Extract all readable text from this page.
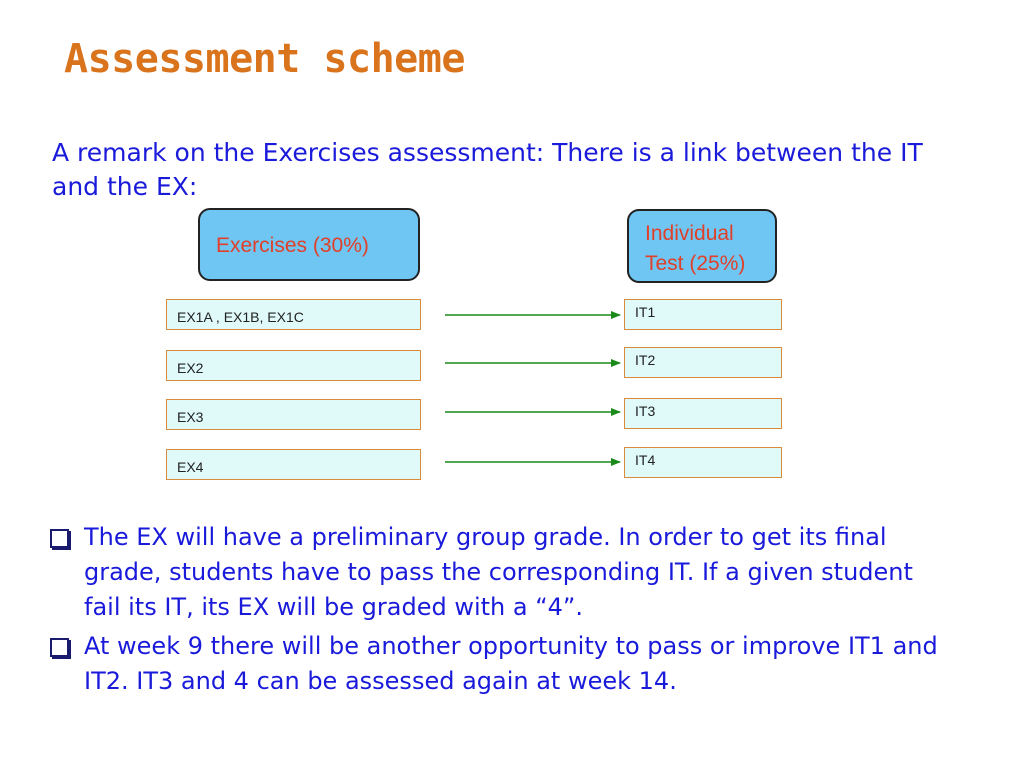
Assessment scheme
A remark on the Exercises assessment: There is a link between the IT and the EX:
Exercises (30%)
Individual Test (25%)
EX1A , EX1B, EX1C
EX2
EX3
EX4
IT1
IT2
IT3
IT4
The EX will have a preliminary group grade. In order to get its final grade, students have to pass the corresponding IT. If a given student fail its IT, its EX will be graded with a “4”.
At week 9 there will be another opportunity to pass or improve IT1 and IT2. IT3 and 4 can be assessed again at week 14.
